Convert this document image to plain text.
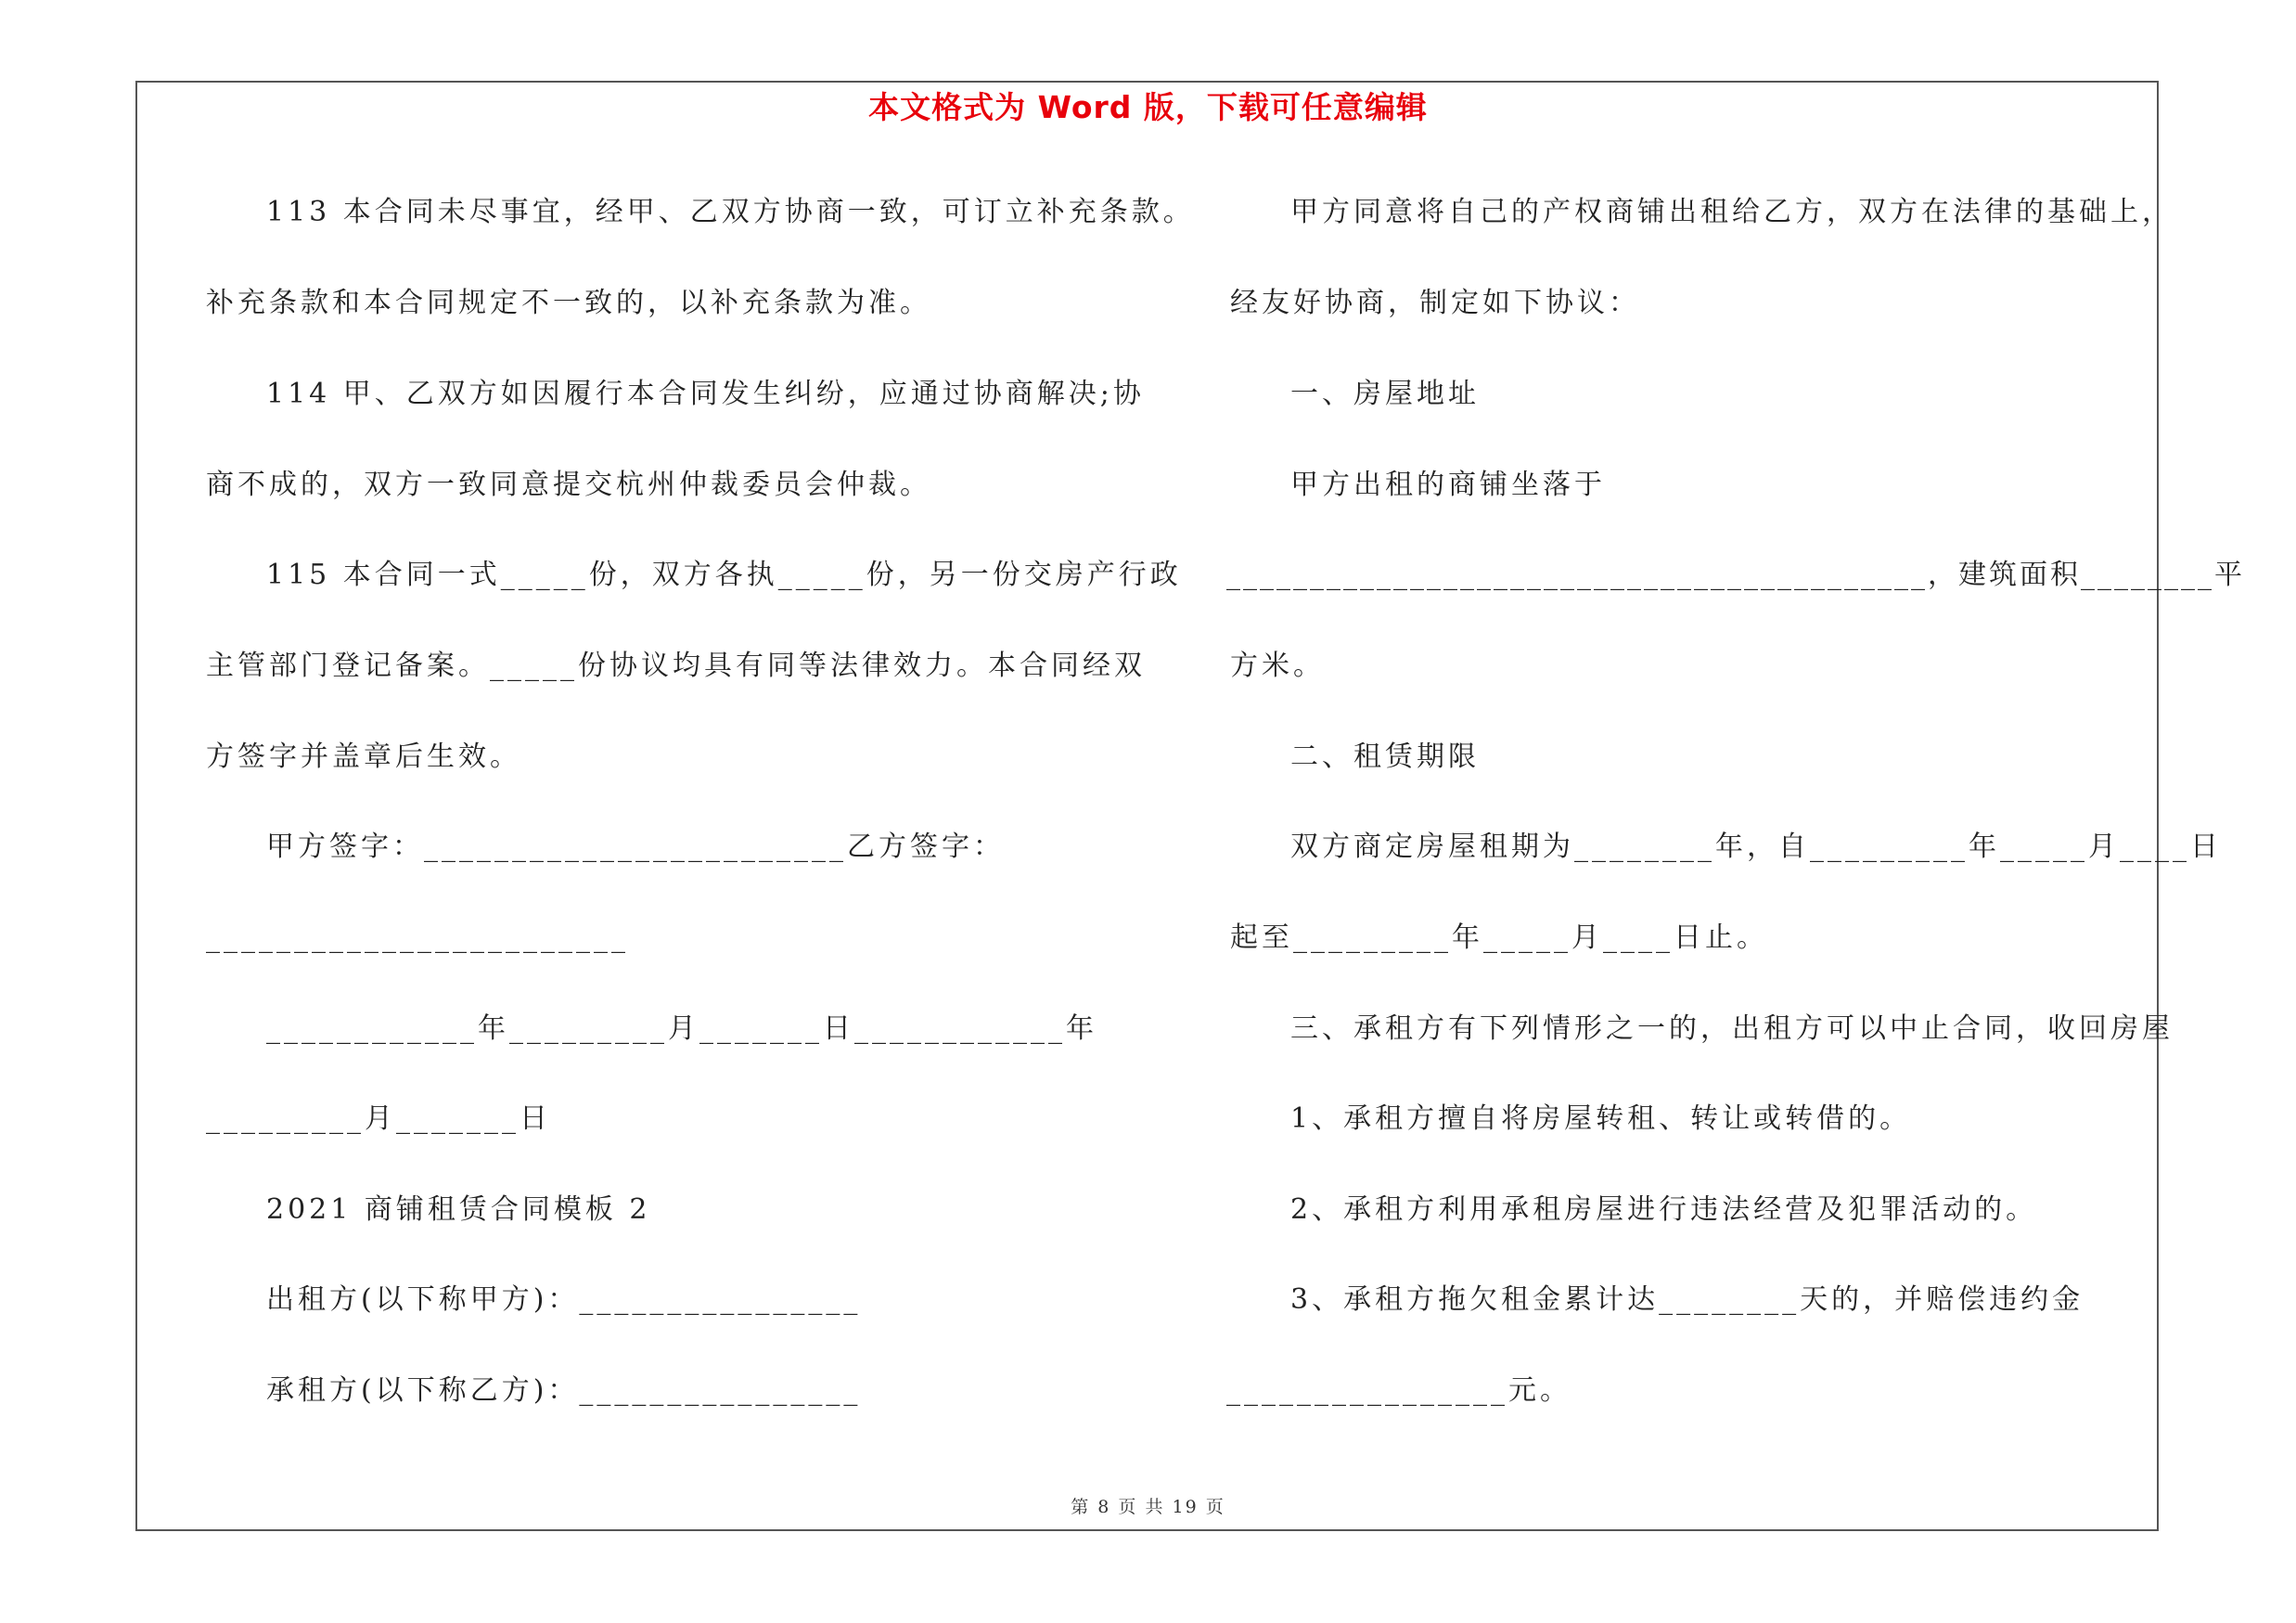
本文格式为 Word 版，下载可任意编辑
113 本合同未尽事宜，经甲、乙双方协商一致，可订立补充条款。
补充条款和本合同规定不一致的，以补充条款为准。
114 甲、乙双方如因履行本合同发生纠纷，应通过协商解决;协
商不成的，双方一致同意提交杭州仲裁委员会仲裁。
115 本合同一式_____份，双方各执_____份，另一份交房产行政
主管部门登记备案。_____份协议均具有同等法律效力。本合同经双
方签字并盖章后生效。
甲方签字：________________________乙方签字：
________________________
____________年_________月_______日____________年
_________月_______日
2021 商铺租赁合同模板 2
出租方(以下称甲方)：________________
承租方(以下称乙方)：________________
甲方同意将自己的产权商铺出租给乙方，双方在法律的基础上，
经友好协商，制定如下协议：
一、房屋地址
甲方出租的商铺坐落于
__________________________________________，建筑面积________平
方米。
二、租赁期限
双方商定房屋租期为________年，自_________年_____月____日
起至_________年_____月____日止。
三、承租方有下列情形之一的，出租方可以中止合同，收回房屋
1、承租方擅自将房屋转租、转让或转借的。
2、承租方利用承租房屋进行违法经营及犯罪活动的。
3、承租方拖欠租金累计达________天的，并赔偿违约金
________________元。
第 8 页 共 19 页
